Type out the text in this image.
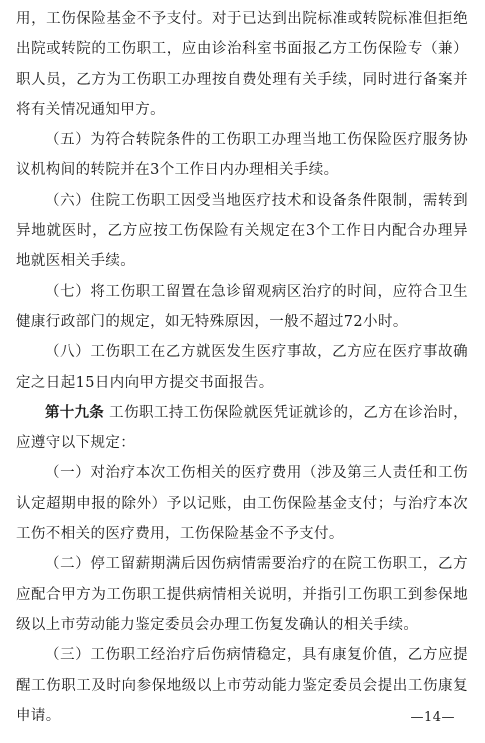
用，工伤保险基金不予支付。对于已达到出院标准或转院标准但拒绝出院或转院的工伤职工，应由诊治科室书面报乙方工伤保险专（兼）职人员，乙方为工伤职工办理按自费处理有关手续，同时进行备案并将有关情况通知甲方。

（五）为符合转院条件的工伤职工办理当地工伤保险医疗服务协议机构间的转院并在3个工作日内办理相关手续。

（六）住院工伤职工因受当地医疗技术和设备条件限制，需转到异地就医时，乙方应按工伤保险有关规定在3个工作日内配合办理异地就医相关手续。

（七）将工伤职工留置在急诊留观病区治疗的时间，应符合卫生健康行政部门的规定，如无特殊原因，一般不超过72小时。

（八）工伤职工在乙方就医发生医疗事故，乙方应在医疗事故确定之日起15日内向甲方提交书面报告。

第十九条 工伤职工持工伤保险就医凭证就诊的，乙方在诊治时，应遵守以下规定：

（一）对治疗本次工伤相关的医疗费用（涉及第三人责任和工伤认定超期申报的除外）予以记账，由工伤保险基金支付；与治疗本次工伤不相关的医疗费用，工伤保险基金不予支付。

（二）停工留薪期满后因伤病情需要治疗的在院工伤职工，乙方应配合甲方为工伤职工提供病情相关说明，并指引工伤职工到参保地级以上市劳动能力鉴定委员会办理工伤复发确认的相关手续。

（三）工伤职工经治疗后伤病情稳定，具有康复价值，乙方应提醒工伤职工及时向参保地级以上市劳动能力鉴定委员会提出工伤康复申请。	—14—
